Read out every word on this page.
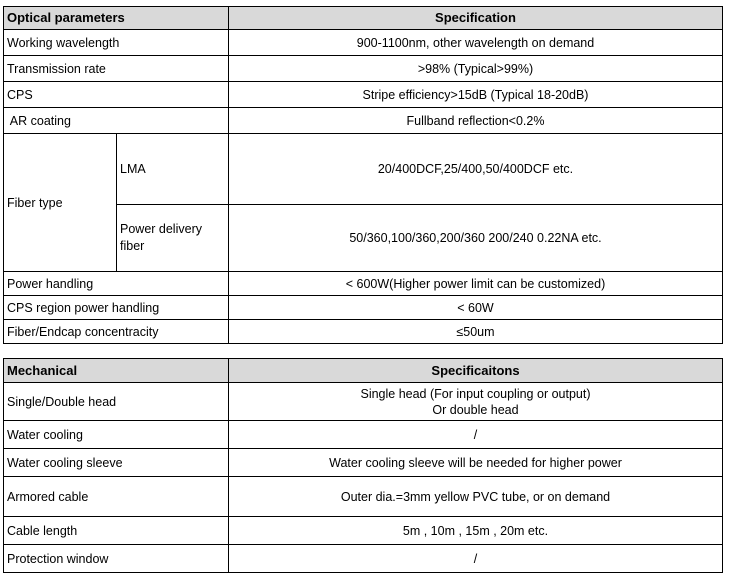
Optical parameters		Specification
Working wavelength		900-1100nm, other wavelength on demand
Transmission rate		>98% (Typical>99%)
CPS		Stripe efficiency>15dB (Typical 18-20dB)
AR coating		Fullband reflection<0.2%
Fiber type	LMA	20/400DCF,25/400,50/400DCF etc.
	Power delivery fiber	50/360,100/360,200/360 200/240 0.22NA etc.
Power handling		< 600W(Higher power limit can be customized)
CPS region power handling		< 60W
Fiber/Endcap concentracity		≤50um
Mechanical	Specificaitons
Single/Double head	Single head (For input coupling or output)
Or double head

Water cooling	/
Water cooling sleeve	Water cooling sleeve will be needed for higher power
Armored cable	Outer dia.=3mm yellow PVC tube, or on demand
Cable length	5m , 10m , 15m , 20m etc.
Protection window	/
